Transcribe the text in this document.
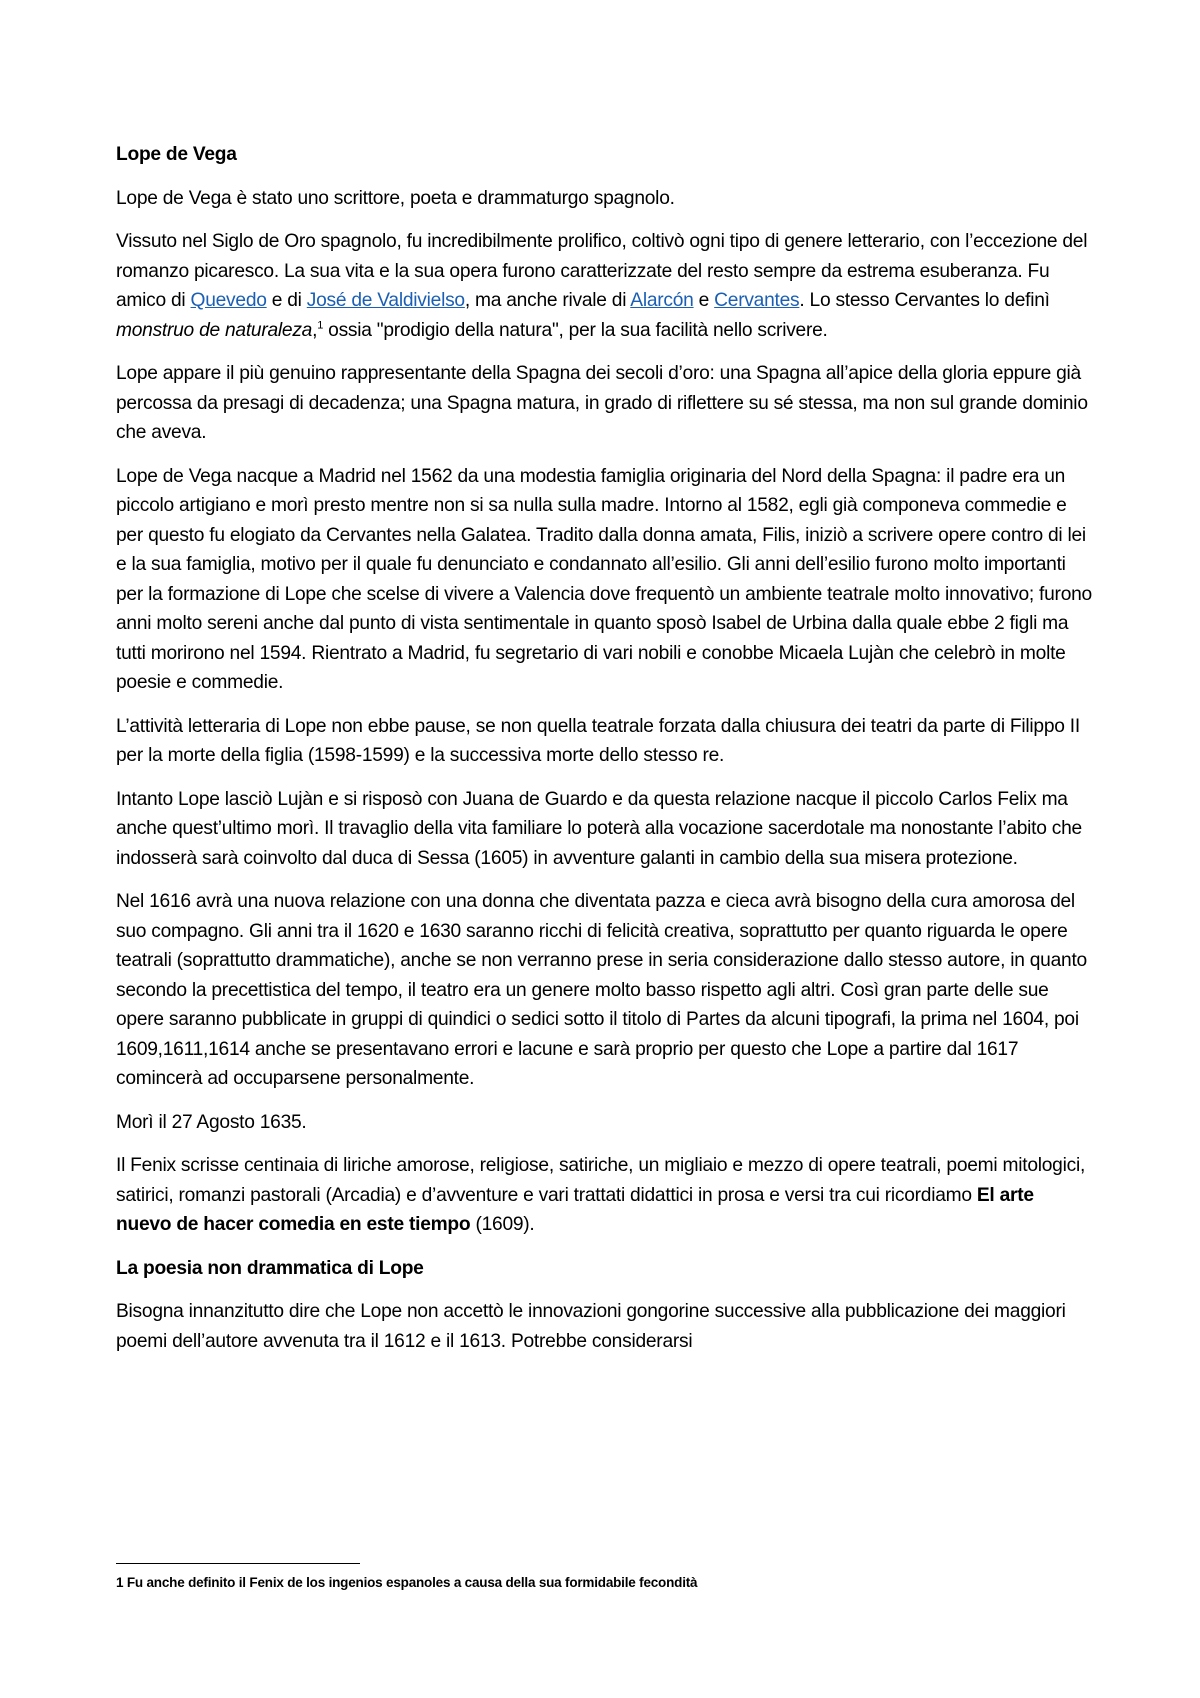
Lope de Vega

Lope de Vega è stato uno scrittore, poeta e drammaturgo spagnolo.

Vissuto nel Siglo de Oro spagnolo, fu incredibilmente prolifico, coltivò ogni tipo di genere letterario, con l’eccezione del romanzo picaresco. La sua vita e la sua opera furono caratterizzate del resto sempre da estrema esuberanza. Fu amico di Quevedo e di José de Valdivielso, ma anche rivale di Alarcón e Cervantes. Lo stesso Cervantes lo definì monstruo de naturaleza,$^1$ ossia "prodigio della natura", per la sua facilità nello scrivere.

Lope appare il più genuino rappresentante della Spagna dei secoli d’oro: una Spagna all’apice della gloria eppure già percossa da presagi di decadenza; una Spagna matura, in grado di riflettere su sé stessa, ma non sul grande dominio che aveva.

Lope de Vega nacque a Madrid nel 1562 da una modestia famiglia originaria del Nord della Spagna: il padre era un piccolo artigiano e morì presto mentre non si sa nulla sulla madre. Intorno al 1582, egli già componeva commedie e per questo fu elogiato da Cervantes nella Galatea. Tradito dalla donna amata, Filis, iniziò a scrivere opere contro di lei e la sua famiglia, motivo per il quale fu denunciato e condannato all’esilio. Gli anni dell’esilio furono molto importanti per la formazione di Lope che scelse di vivere a Valencia dove frequentò un ambiente teatrale molto innovativo; furono anni molto sereni anche dal punto di vista sentimentale in quanto sposò Isabel de Urbina dalla quale ebbe 2 figli ma tutti morirono nel 1594. Rientrato a Madrid, fu segretario di vari nobili e conobbe Micaela Lujàn che celebrò in molte poesie e commedie.

L’attività letteraria di Lope non ebbe pause, se non quella teatrale forzata dalla chiusura dei teatri da parte di Filippo II per la morte della figlia (1598-1599) e la successiva morte dello stesso re.

Intanto Lope lasciò Lujàn e si risposò con Juana de Guardo e da questa relazione nacque il piccolo Carlos Felix ma anche quest’ultimo morì. Il travaglio della vita familiare lo poterà alla vocazione sacerdotale ma nonostante l’abito che indosserà sarà coinvolto dal duca di Sessa (1605) in avventure galanti in cambio della sua misera protezione.

Nel 1616 avrà una nuova relazione con una donna che diventata pazza e cieca avrà bisogno della cura amorosa del suo compagno. Gli anni tra il 1620 e 1630 saranno ricchi di felicità creativa, soprattutto per quanto riguarda le opere teatrali (soprattutto drammatiche), anche se non verranno prese in seria considerazione dallo stesso autore, in quanto secondo la precettistica del tempo, il teatro era un genere molto basso rispetto agli altri. Così gran parte delle sue opere saranno pubblicate in gruppi di quindici o sedici sotto il titolo di Partes da alcuni tipografi, la prima nel 1604, poi 1609,1611,1614 anche se presentavano errori e lacune e sarà proprio per questo che Lope a partire dal 1617 comincerà ad occuparsene personalmente.

Morì il 27 Agosto 1635.

Il Fenix scrisse centinaia di liriche amorose, religiose, satiriche, un migliaio e mezzo di opere teatrali, poemi mitologici, satirici, romanzi pastorali (Arcadia) e d’avventure e vari trattati didattici in prosa e versi tra cui ricordiamo El arte nuevo de hacer comedia en este tiempo (1609).

La poesia non drammatica di Lope

Bisogna innanzitutto dire che Lope non accettò le innovazioni gongorine successive alla pubblicazione dei maggiori poemi dell’autore avvenuta tra il 1612 e il 1613. Potrebbe considerarsi

1 Fu anche definito il Fenix de los ingenios espanoles a causa della sua formidabile fecondità
